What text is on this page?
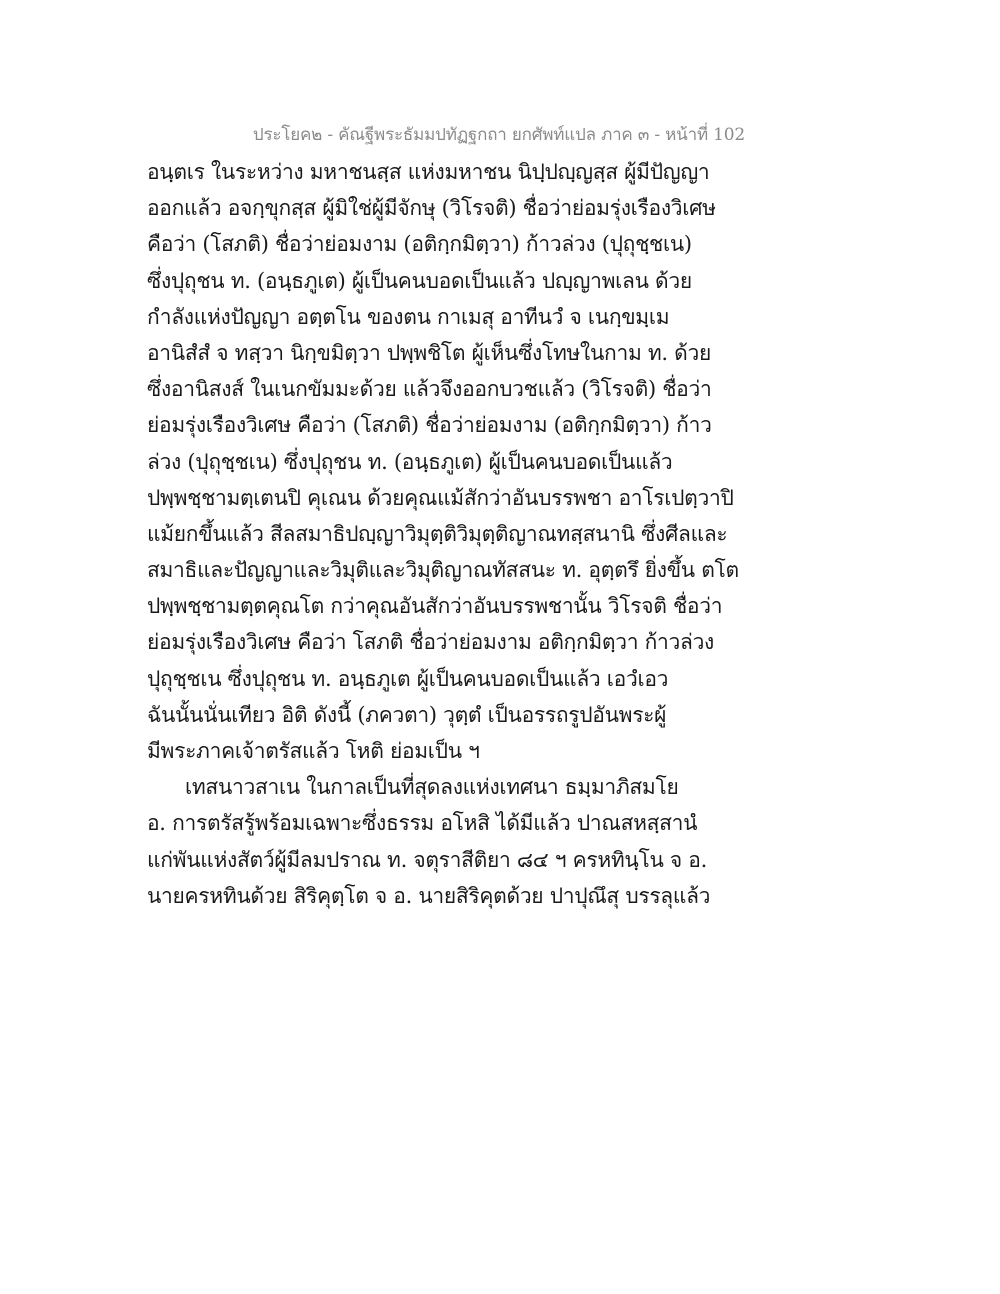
ประโยค๒ - คัณฐีพระธัมมปทัฏฐกถา ยกศัพท์แปล ภาค ๓ - หน้าที่ 102
อนฺตเร ในระหว่าง มหาชนสฺส แห่งมหาชน นิปฺปญฺญสฺส ผู้มีปัญญา
ออกแล้ว อจกฺขุกสฺส ผู้มิใช่ผู้มีจักษุ (วิโรจติ) ชื่อว่าย่อมรุ่งเรืองวิเศษ
คือว่า (โสภติ) ชื่อว่าย่อมงาม (อติกฺกมิตฺวา) ก้าวล่วง (ปุถุชฺชเน)
ซึ่งปุถุชน ท. (อนฺธภูเต) ผู้เป็นคนบอดเป็นแล้ว ปญฺญาพเลน ด้วย
กำลังแห่งปัญญา อตฺตโน ของตน กาเมสุ อาทีนวํ จ เนกฺขมฺเม
อานิสํสํ จ ทสฺวา นิกฺขมิตฺวา ปพฺพชิโต ผู้เห็นซึ่งโทษในกาม ท. ด้วย
ซึ่งอานิสงส์ ในเนกขัมมะด้วย แล้วจึงออกบวชแล้ว (วิโรจติ) ชื่อว่า
ย่อมรุ่งเรืองวิเศษ คือว่า (โสภติ) ชื่อว่าย่อมงาม (อติกฺกมิตฺวา) ก้าว
ล่วง (ปุถุชฺชเน) ซึ่งปุถุชน ท. (อนฺธภูเต) ผู้เป็นคนบอดเป็นแล้ว
ปพฺพชฺชามตฺเตนปิ คุเณน ด้วยคุณแม้สักว่าอันบรรพชา อาโรเปตฺวาปิ
แม้ยกขึ้นแล้ว สีลสมาธิปญฺญาวิมุตฺติวิมุตฺติญาณทสฺสนานิ ซึ่งศีลและ
สมาธิและปัญญาและวิมุติและวิมุติญาณทัสสนะ ท. อุตฺตรึ ยิ่งขึ้น ตโต
ปพฺพชฺชามตฺตคุณโต กว่าคุณอันสักว่าอันบรรพชานั้น วิโรจติ ชื่อว่า
ย่อมรุ่งเรืองวิเศษ คือว่า โสภติ ชื่อว่าย่อมงาม อติกฺกมิตฺวา ก้าวล่วง
ปุถุชฺชเน ซึ่งปุถุชน ท. อนฺธภูเต ผู้เป็นคนบอดเป็นแล้ว เอวํเอว
ฉันนั้นนั่นเทียว อิติ ดังนี้ (ภควตา) วุตฺตํ เป็นอรรถรูปอันพระผู้
มีพระภาคเจ้าตรัสแล้ว โหติ ย่อมเป็น ฯ
เทสนาวสาเน ในกาลเป็นที่สุดลงแห่งเทศนา ธมฺมาภิสมโย
อ. การตรัสรู้พร้อมเฉพาะซึ่งธรรม อโหสิ ได้มีแล้ว ปาณสหสฺสานํ
แก่พันแห่งสัตว์ผู้มีลมปราณ ท. จตุราสีติยา ๘๔ ฯ ครหทินฺโน จ อ.
นายครหทินด้วย สิริคุตฺโต จ อ. นายสิริคุตด้วย ปาปุณึสุ บรรลุแล้ว
